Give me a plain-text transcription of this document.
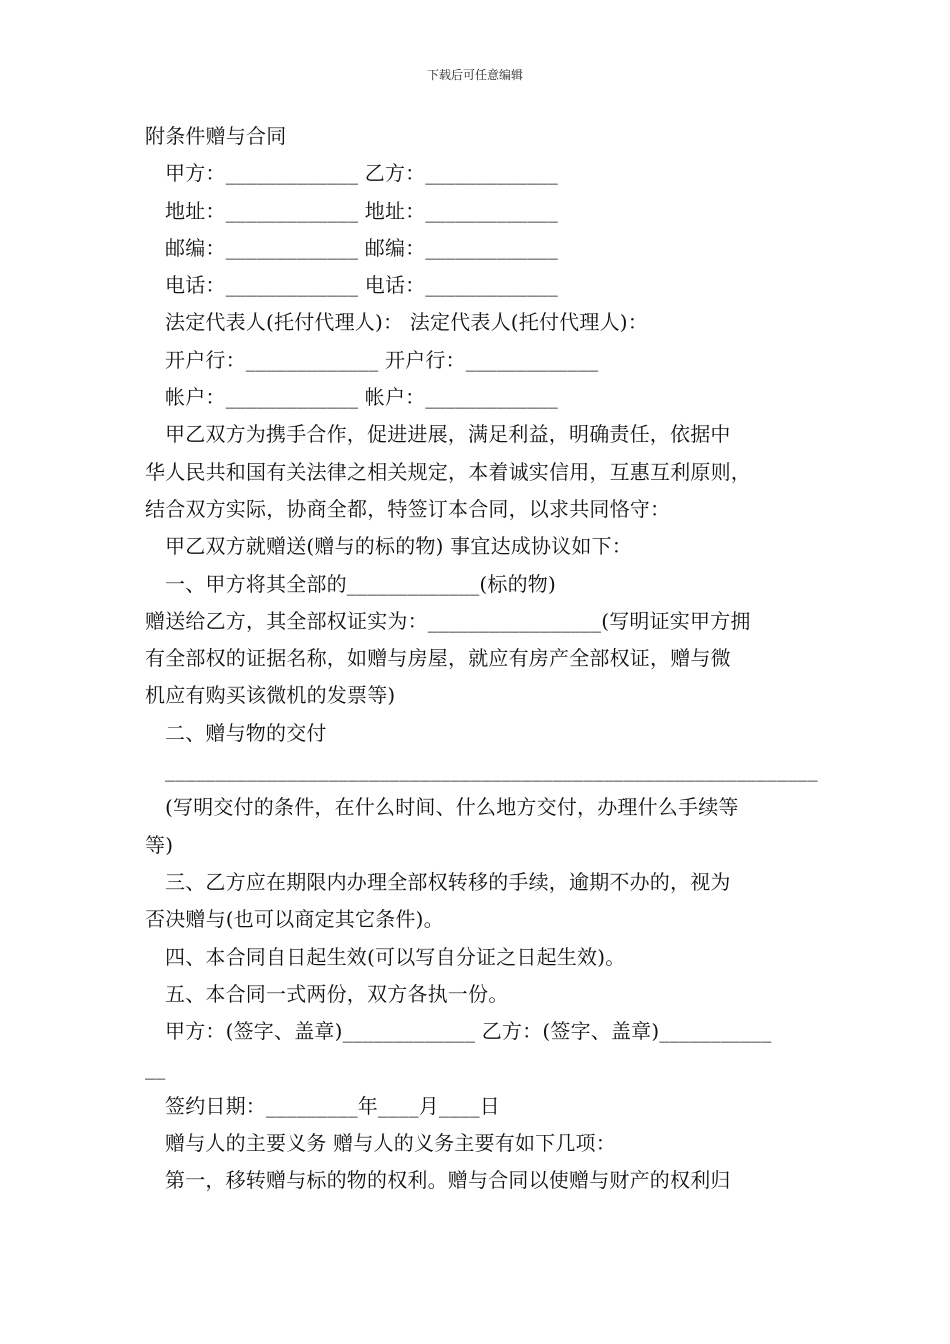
下载后可任意编辑
附条件赠与合同
甲方：_____________ 乙方：_____________
地址：_____________ 地址：_____________
邮编：_____________ 邮编：_____________
电话：_____________ 电话：_____________
法定代表人(托付代理人)： 法定代表人(托付代理人)：
开户行：_____________ 开户行：_____________
帐户：_____________ 帐户：_____________
甲乙双方为携手合作，促进进展，满足利益，明确责任，依据中
华人民共和国有关法律之相关规定，本着诚实信用，互惠互利原则，
结合双方实际，协商全都，特签订本合同，以求共同恪守：
甲乙双方就赠送(赠与的标的物) 事宜达成协议如下：
一、甲方将其全部的_____________(标的物)
赠送给乙方，其全部权证实为：_________________(写明证实甲方拥
有全部权的证据名称，如赠与房屋，就应有房产全部权证，赠与微
机应有购买该微机的发票等)
二、赠与物的交付
________________________________________________________________
(写明交付的条件，在什么时间、什么地方交付，办理什么手续等
等)
三、乙方应在期限内办理全部权转移的手续，逾期不办的，视为
否决赠与(也可以商定其它条件)。
四、本合同自日起生效(可以写自分证之日起生效)。
五、本合同一式两份，双方各执一份。
甲方：(签字、盖章)_____________ 乙方：(签字、盖章)___________
__
签约日期：_________年____月____日
赠与人的主要义务 赠与人的义务主要有如下几项：
第一，移转赠与标的物的权利。赠与合同以使赠与财产的权利归
